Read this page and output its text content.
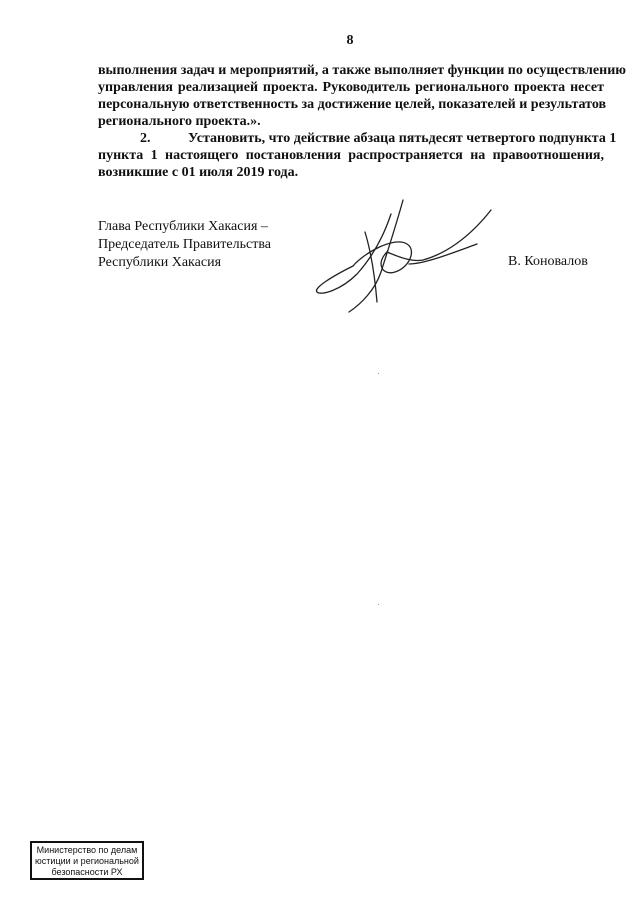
8
выполнения задач и мероприятий, а также выполняет функции по осуществлению
управления реализацией проекта. Руководитель регионального проекта несет
персональную ответственность за достижение целей, показателей и результатов
регионального проекта.».
2.	Установить, что действие абзаца пятьдесят четвертого подпункта 1
пункта 1 настоящего постановления распространяется на правоотношения,
возникшие с 01 июля 2019 года.
Глава Республики Хакасия –
Председатель Правительства
Республики Хакасия	В. Коновалов
Министерство по делам
юстиции и региональной
безопасности РХ
